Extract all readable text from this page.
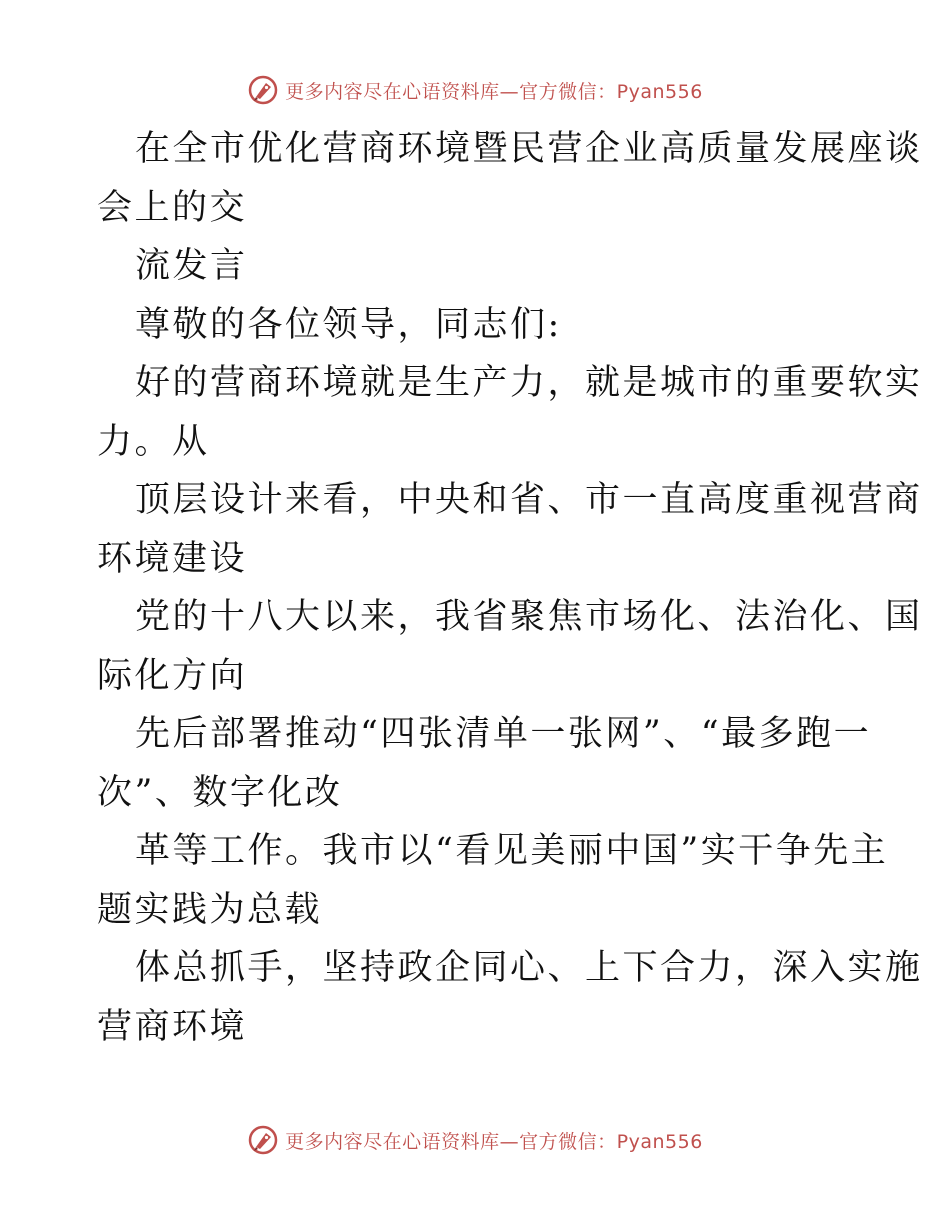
更多内容尽在心语资料库—官方微信：Pyan556
在全市优化营商环境暨民营企业高质量发展座谈
会上的交
流发言
尊敬的各位领导，同志们:
好的营商环境就是生产力，就是城市的重要软实
力。从
顶层设计来看，中央和省、市一直高度重视营商
环境建设
党的十八大以来，我省聚焦市场化、法治化、国
际化方向
先后部署推动“四张清单一张网”、“最多跑一
次”、数字化改
革等工作。我市以“看见美丽中国”实干争先主
题实践为总载
体总抓手，坚持政企同心、上下合力，深入实施
营商环境
更多内容尽在心语资料库—官方微信：Pyan556
